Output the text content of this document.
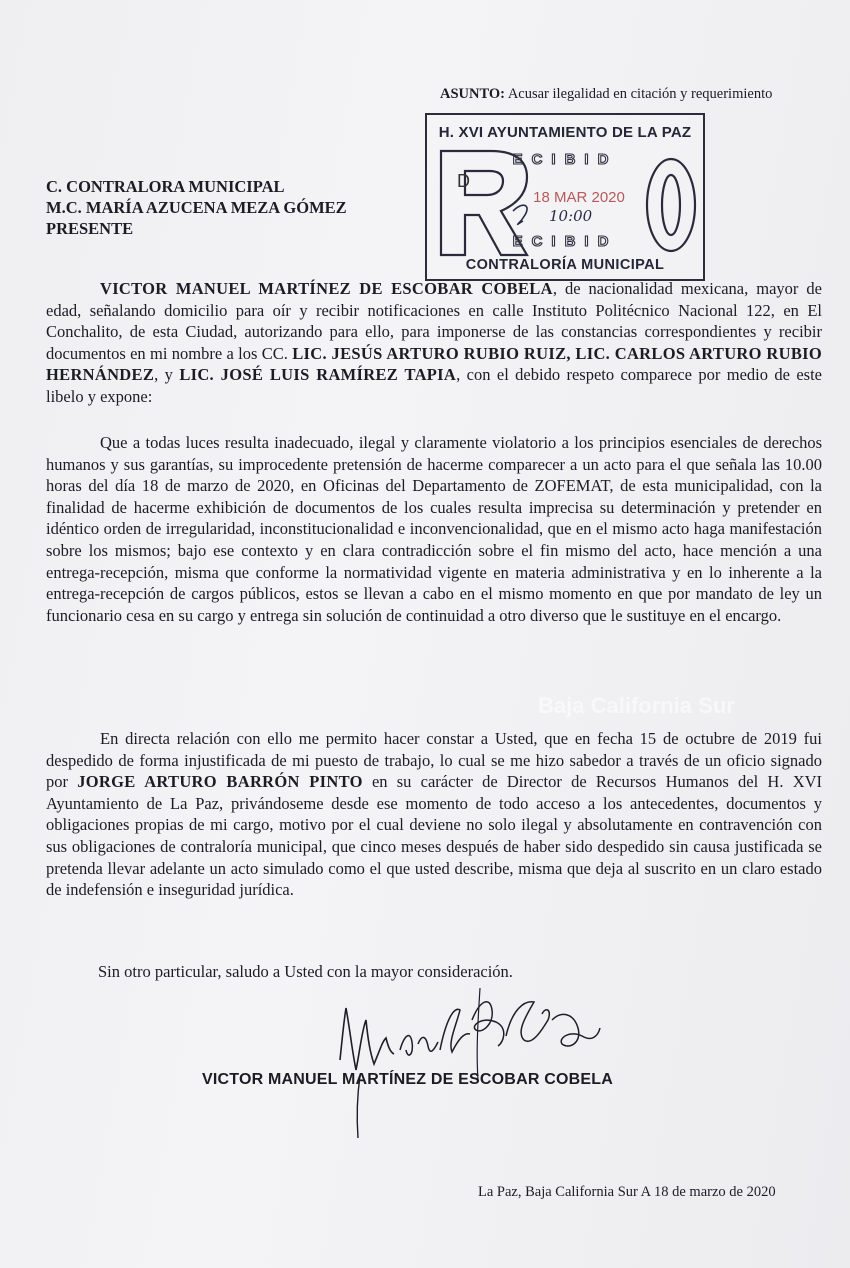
Baja California Sur
ASUNTO: Acusar ilegalidad en citación y requerimiento
H. XVI AYUNTAMIENTO DE LA PAZ
ECIBID
D
18 MAR 2020
10:00
ECIBID
CONTRALORÍA MUNICIPAL
C. CONTRALORA MUNICIPAL
M.C. MARÍA AZUCENA MEZA GÓMEZ
PRESENTE

VICTOR MANUEL MARTÍNEZ DE ESCOBAR COBELA, de nacionalidad mexicana, mayor de edad, señalando domicilio para oír y recibir notificaciones en calle Instituto Politécnico Nacional 122, en El Conchalito, de esta Ciudad, autorizando para ello, para imponerse de las constancias correspondientes y recibir documentos en mi nombre a los CC. LIC. JESÚS ARTURO RUBIO RUIZ, LIC. CARLOS ARTURO RUBIO HERNÁNDEZ, y LIC. JOSÉ LUIS RAMÍREZ TAPIA, con el debido respeto comparece por medio de este libelo y expone:

Que a todas luces resulta inadecuado, ilegal y claramente violatorio a los principios esenciales de derechos humanos y sus garantías, su improcedente pretensión de hacerme comparecer a un acto para el que señala las 10.00 horas del día 18 de marzo de 2020, en Oficinas del Departamento de ZOFEMAT, de esta municipalidad, con la finalidad de hacerme exhibición de documentos de los cuales resulta imprecisa su determinación y pretender en idéntico orden de irregularidad, inconstitucionalidad e inconvencionalidad, que en el mismo acto haga manifestación sobre los mismos; bajo ese contexto y en clara contradicción sobre el fin mismo del acto, hace mención a una entrega-recepción, misma que conforme la normatividad vigente en materia administrativa y en lo inherente a la entrega-recepción de cargos públicos, estos se llevan a cabo en el mismo momento en que por mandato de ley un funcionario cesa en su cargo y entrega sin solución de continuidad a otro diverso que le sustituye en el encargo.

En directa relación con ello me permito hacer constar a Usted, que en fecha 15 de octubre de 2019 fui despedido de forma injustificada de mi puesto de trabajo, lo cual se me hizo sabedor a través de un oficio signado por JORGE ARTURO BARRÓN PINTO en su carácter de Director de Recursos Humanos del H. XVI Ayuntamiento de La Paz, privándoseme desde ese momento de todo acceso a los antecedentes, documentos y obligaciones propias de mi cargo, motivo por el cual deviene no solo ilegal y absolutamente en contravención con sus obligaciones de contraloría municipal, que cinco meses después de haber sido despedido sin causa justificada se pretenda llevar adelante un acto simulado como el que usted describe, misma que deja al suscrito en un claro estado de indefensión e inseguridad jurídica.

Sin otro particular, saludo a Usted con la mayor consideración.
VICTOR MANUEL MARTÍNEZ DE ESCOBAR COBELA
La Paz, Baja California Sur A 18 de marzo de 2020
